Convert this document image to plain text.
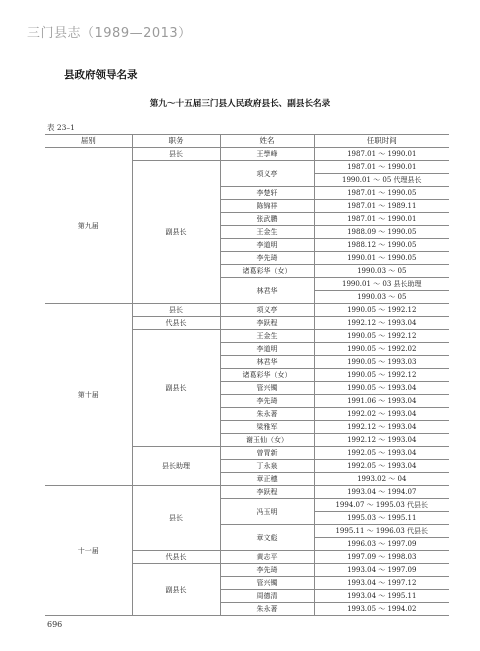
三门县志（1989—2013）
县政府领导名录
第九～十五届三门县人民政府县长、副县长名录
表 23–1
届别	职务	姓名	任职时间
第九届	县长	王學峰	1987.01 ～ 1990.01
	副县长	项义亭	1987.01 ～ 1990.01
			1990.01 ～ 05 代理县长
		李楚轩	1987.01 ～ 1990.05
		陈锦祥	1987.01 ～ 1989.11
		张武鹏	1987.01 ～ 1990.01
		王金生	1988.09 ～ 1990.05
		李道明	1988.12 ～ 1990.05
		李先琦	1990.01 ～ 1990.05
		诸葛彩华（女）	1990.03 ～ 05
		林君华	1990.01 ～ 03 县长助理
			1990.03 ～ 05
第十届	县长	项义亭	1990.05 ～ 1992.12
	代县长	李跃程	1992.12 ～ 1993.04
	副县长	王金生	1990.05 ～ 1992.12
		李道明	1990.05 ～ 1992.02
		林君华	1990.05 ～ 1993.03
		诸葛彩华（女）	1990.05 ～ 1992.12
		管兴镯	1990.05 ～ 1993.04
		李先琦	1991.06 ～ 1993.04
		朱永著	1992.02 ～ 1993.04
		梁雅军	1992.12 ～ 1993.04
		谢玉仙（女）	1992.12 ～ 1993.04
	县长助理	曾胃新	1992.05 ～ 1993.04
		丁永泉	1992.05 ～ 1993.04
		章正穗	1993.02 ～ 04
十一届	县长	李跃程	1993.04 ～ 1994.07
		冯玉明	1994.07 ～ 1995.03 代县长
			1995.03 ～ 1995.11
		章文彪	1995.11 ～ 1996.03 代县长
			1996.03 ～ 1997.09
	代县长	黄志平	1997.09 ～ 1998.03
	副县长	李先琦	1993.04 ～ 1997.09
		管兴镯	1993.04 ～ 1997.12
		周德清	1993.04 ～ 1995.11
		朱永著	1993.05 ～ 1994.02
696
